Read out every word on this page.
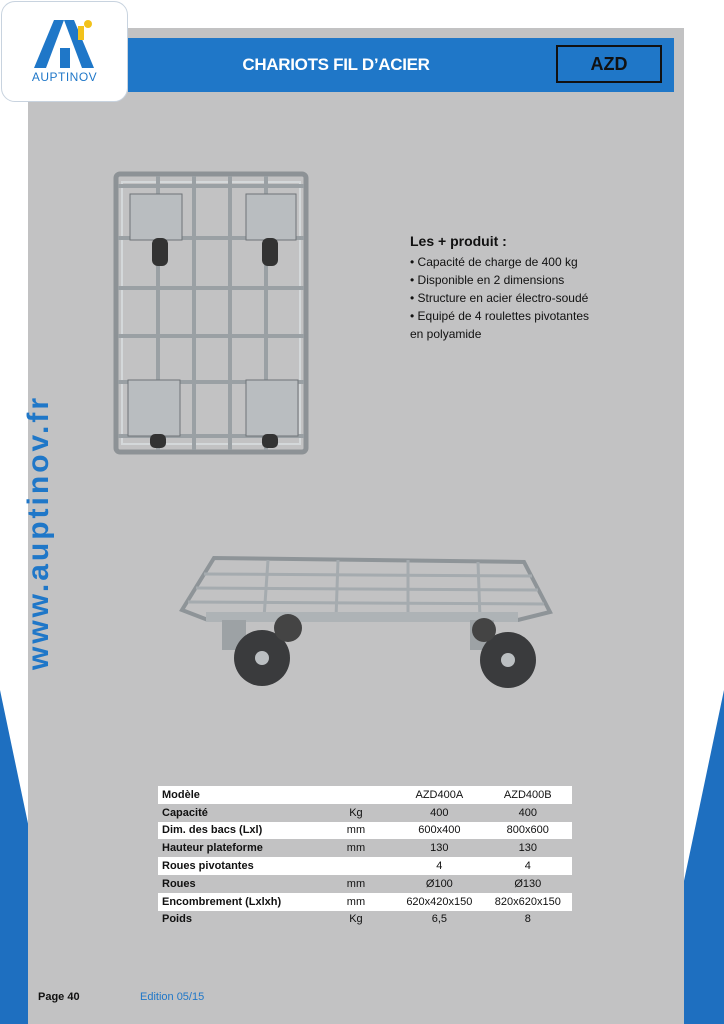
CHARIOTS FIL D’ACIER	AZD
AUPTINOV
www.auptinov.fr
Les + produit :
• Capacité de charge de 400 kg
• Disponible en 2 dimensions
• Structure en acier électro-soudé
• Equipé de 4 roulettes pivotantes
en polyamide
Modèle		AZD400A	AZD400B
Capacité	Kg	400	400
Dim. des bacs (Lxl)	mm	600x400	800x600
Hauteur plateforme	mm	130	130
Roues pivotantes		4	4
Roues	mm	Ø100	Ø130
Encombrement (Lxlxh)	mm	620x420x150	820x620x150
Poids	Kg	6,5	8
Page 40	Edition 05/15
